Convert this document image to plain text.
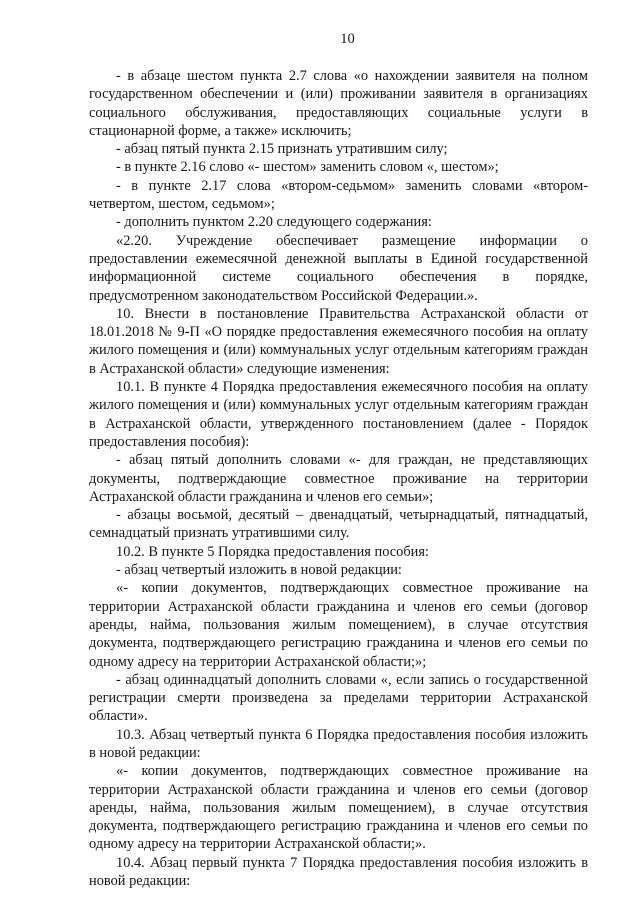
10

- в абзаце шестом пункта 2.7 слова «о нахождении заявителя на полном государственном обеспечении и (или) проживании заявителя в организациях социального обслуживания, предоставляющих социальные услуги в стационарной форме, а также» исключить;

- абзац пятый пункта 2.15 признать утратившим силу;

- в пункте 2.16 слово «- шестом» заменить словом «, шестом»;

- в пункте 2.17 слова «втором-седьмом» заменить словами «втором-четвертом, шестом, седьмом»;

- дополнить пунктом 2.20 следующего содержания:

«2.20. Учреждение обеспечивает размещение информации о предоставлении ежемесячной денежной выплаты в Единой государственной информационной системе социального обеспечения в порядке, предусмотренном законодательством Российской Федерации.».

10. Внести в постановление Правительства Астраханской области от 18.01.2018 № 9-П «О порядке предоставления ежемесячного пособия на оплату жилого помещения и (или) коммунальных услуг отдельным категориям граждан в Астраханской области» следующие изменения:

10.1. В пункте 4 Порядка предоставления ежемесячного пособия на оплату жилого помещения и (или) коммунальных услуг отдельным категориям граждан в Астраханской области, утвержденного постановлением (далее - Порядок предоставления пособия):

- абзац пятый дополнить словами «- для граждан, не представляющих документы, подтверждающие совместное проживание на территории Астраханской области гражданина и членов его семьи»;

- абзацы восьмой, десятый – двенадцатый, четырнадцатый, пятнадцатый, семнадцатый признать утратившими силу.

10.2. В пункте 5 Порядка предоставления пособия:

- абзац четвертый изложить в новой редакции:

«- копии документов, подтверждающих совместное проживание на территории Астраханской области гражданина и членов его семьи (договор аренды, найма, пользования жилым помещением), в случае отсутствия документа, подтверждающего регистрацию гражданина и членов его семьи по одному адресу на территории Астраханской области;»;

- абзац одиннадцатый дополнить словами «, если запись о государственной регистрации смерти произведена за пределами территории Астраханской области».

10.3. Абзац четвертый пункта 6 Порядка предоставления пособия изложить в новой редакции:

«- копии документов, подтверждающих совместное проживание на территории Астраханской области гражданина и членов его семьи (договор аренды, найма, пользования жилым помещением), в случае отсутствия документа, подтверждающего регистрацию гражданина и членов его семьи по одному адресу на территории Астраханской области;».

10.4. Абзац первый пункта 7 Порядка предоставления пособия изложить в новой редакции:
